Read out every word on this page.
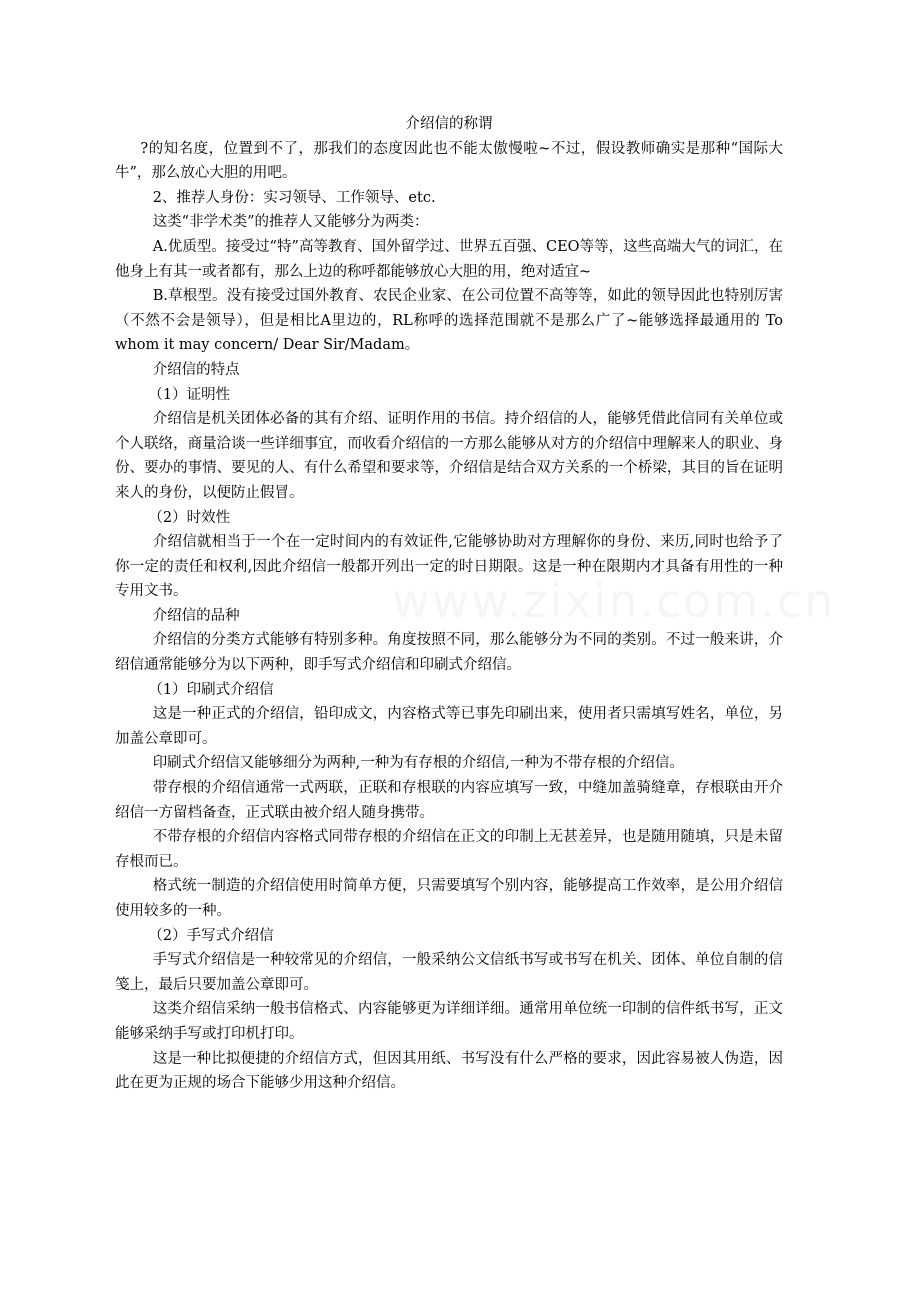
介绍信的称谓

?的知名度，位置到不了，那我们的态度因此也不能太傲慢啦~不过，假设教师确实是那种“国际大牛”，那么放心大胆的用吧。

2、推荐人身份：实习领导、工作领导、etc.

这类“非学术类”的推荐人又能够分为两类：

A.优质型。接受过“特”高等教育、国外留学过、世界五百强、CEO等等，这些高端大气的词汇，在他身上有其一或者都有，那么上边的称呼都能够放心大胆的用，绝对适宜~

B.草根型。没有接受过国外教育、农民企业家、在公司位置不高等等，如此的领导因此也特别厉害（不然不会是领导），但是相比A里边的，RL称呼的选择范围就不是那么广了~能够选择最通用的 To whom it may concern/ Dear Sir/Madam。

介绍信的特点

（1）证明性

介绍信是机关团体必备的其有介绍、证明作用的书信。持介绍信的人，能够凭借此信同有关单位或个人联络，商量洽谈一些详细事宜，而收看介绍信的一方那么能够从对方的介绍信中理解来人的职业、身份、要办的事情、要见的人、有什么希望和要求等，介绍信是结合双方关系的一个桥梁，其目的旨在证明来人的身份，以便防止假冒。

（2）时效性

介绍信就相当于一个在一定时间内的有效证件,它能够协助对方理解你的身份、来历,同时也给予了你一定的责任和权利,因此介绍信一般都开列出一定的时日期限。这是一种在限期内才具备有用性的一种专用文书。

介绍信的品种

介绍信的分类方式能够有特别多种。角度按照不同，那么能够分为不同的类别。不过一般来讲，介绍信通常能够分为以下两种，即手写式介绍信和印刷式介绍信。

（1）印刷式介绍信

这是一种正式的介绍信，铅印成文，内容格式等已事先印刷出来，使用者只需填写姓名，单位，另加盖公章即可。

印刷式介绍信又能够细分为两种,一种为有存根的介绍信,一种为不带存根的介绍信。

带存根的介绍信通常一式两联，正联和存根联的内容应填写一致，中缝加盖骑缝章，存根联由开介绍信一方留档备查，正式联由被介绍人随身携带。

不带存根的介绍信内容格式同带存根的介绍信在正文的印制上无甚差异，也是随用随填，只是未留存根而已。

格式统一制造的介绍信使用时简单方便，只需要填写个别内容，能够提高工作效率，是公用介绍信使用较多的一种。

（2）手写式介绍信

手写式介绍信是一种较常见的介绍信，一般采纳公文信纸书写或书写在机关、团体、单位自制的信笺上，最后只要加盖公章即可。

这类介绍信采纳一般书信格式、内容能够更为详细详细。通常用单位统一印制的信件纸书写，正文能够采纳手写或打印机打印。

这是一种比拟便捷的介绍信方式，但因其用纸、书写没有什么严格的要求，因此容易被人伪造，因此在更为正规的场合下能够少用这种介绍信。
